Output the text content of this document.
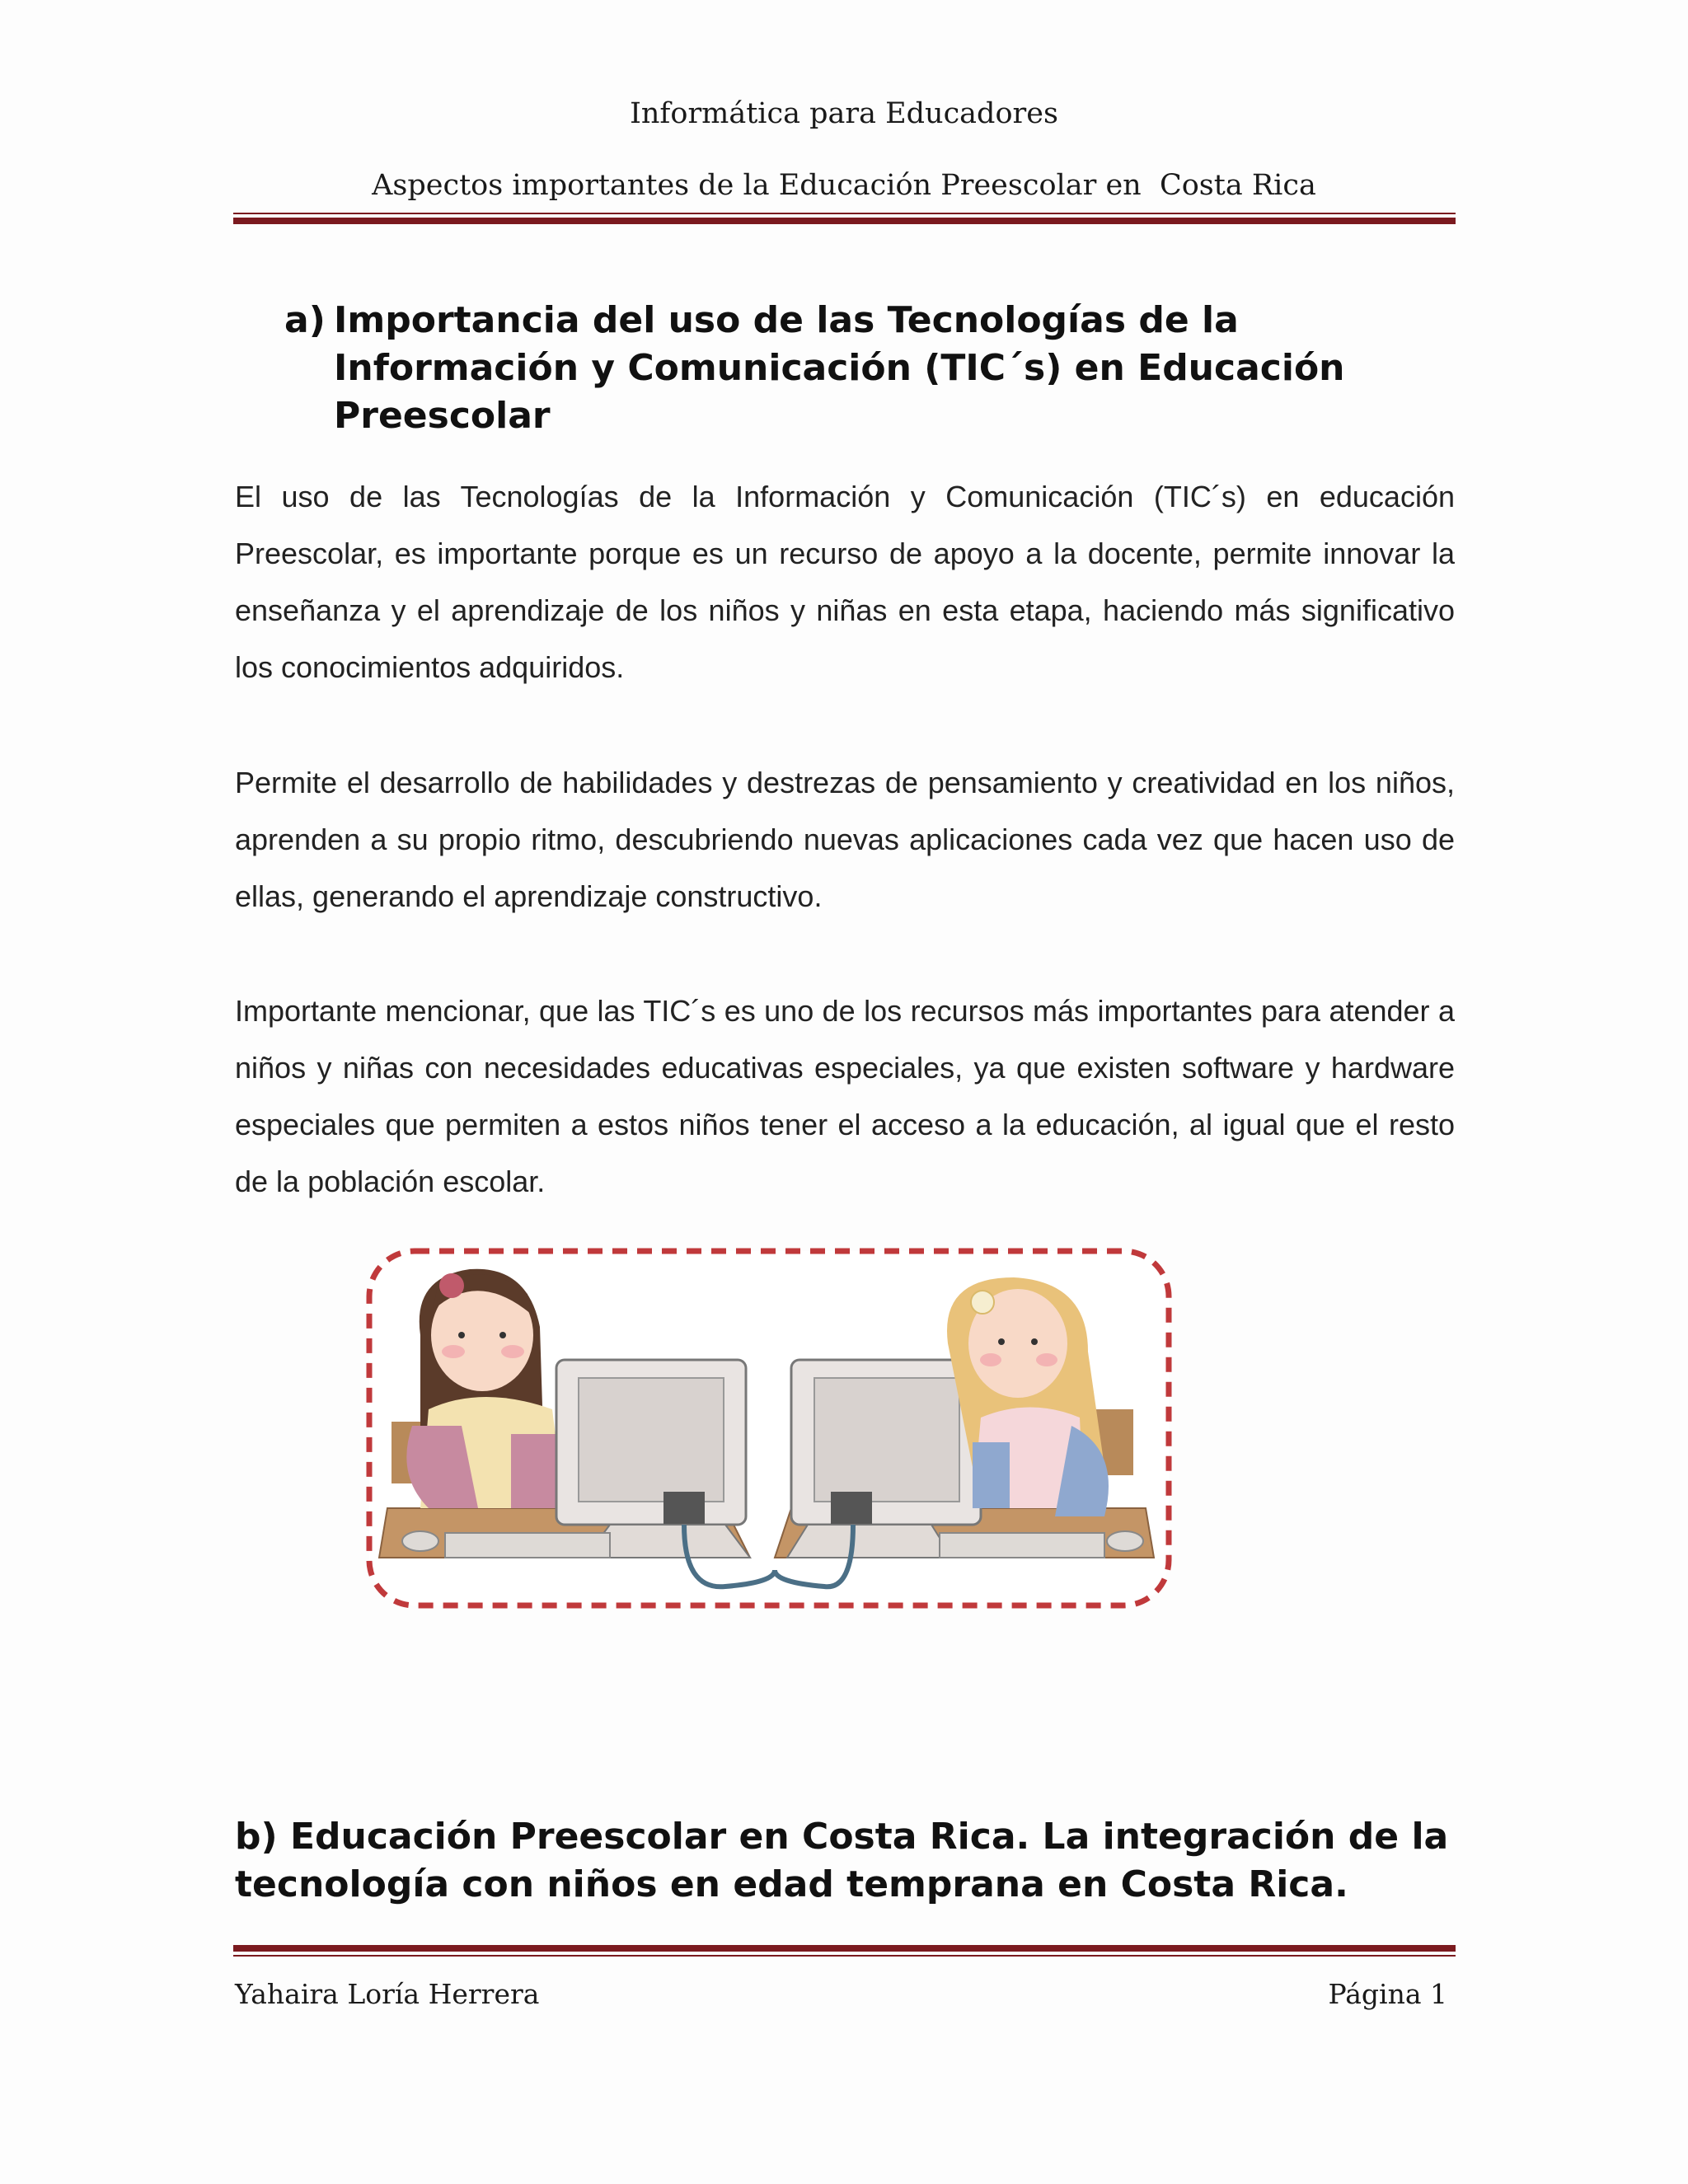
Informática para Educadores
Aspectos importantes de la Educación Preescolar en  Costa Rica
a) Importancia del uso de las Tecnologías de la Información y Comunicación (TIC´s) en Educación Preescolar
El uso de las Tecnologías de la Información y Comunicación (TIC´s) en educación Preescolar, es importante porque es un recurso de apoyo a la docente, permite innovar la enseñanza y el aprendizaje de los niños y niñas en esta etapa, haciendo más significativo los conocimientos adquiridos.
Permite el desarrollo de habilidades y destrezas de pensamiento y creatividad en los niños, aprenden a su propio ritmo, descubriendo nuevas aplicaciones cada vez que hacen uso de ellas, generando el aprendizaje constructivo.
Importante mencionar, que las TIC´s es uno de los recursos más importantes para atender a niños y niñas con necesidades educativas especiales, ya que existen software y hardware especiales que permiten a estos niños tener el acceso a la educación, al igual que el resto de la población escolar.
b) Educación Preescolar en Costa Rica. La integración de la tecnología con niños en edad temprana en Costa Rica.
Yahaira Loría Herrera	Página 1
